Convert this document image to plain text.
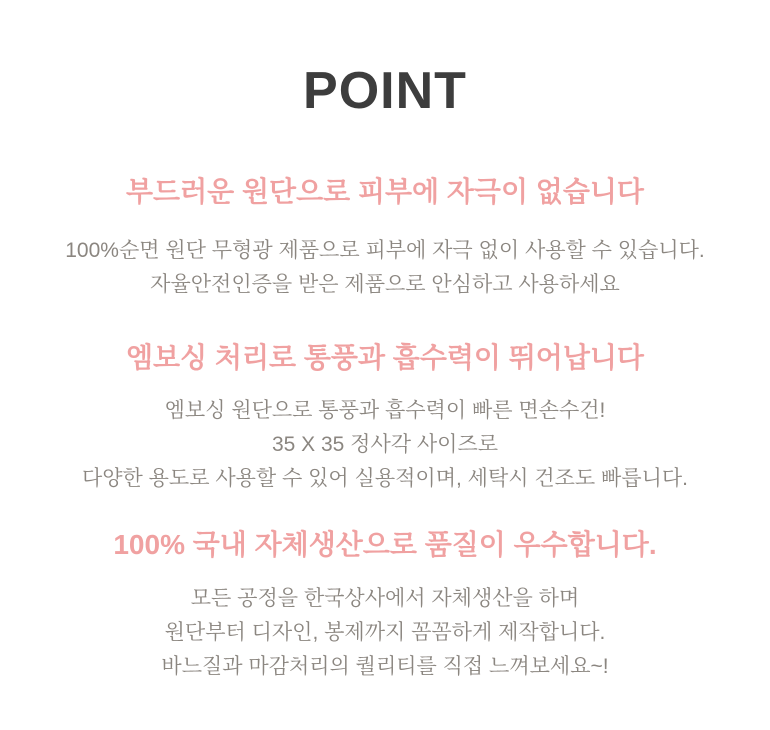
POINT
부드러운 원단으로 피부에 자극이 없습니다

100%순면 원단 무형광 제품으로 피부에 자극 없이 사용할 수 있습니다.

자율안전인증을 받은 제품으로 안심하고 사용하세요

엠보싱 처리로 통풍과 흡수력이 뛰어납니다

엠보싱 원단으로 통풍과 흡수력이 빠른 면손수건!

35 X 35 정사각 사이즈로

다양한 용도로 사용할 수 있어 실용적이며, 세탁시 건조도 빠릅니다.

100% 국내 자체생산으로 품질이 우수합니다.

모든 공정을 한국상사에서 자체생산을 하며

원단부터 디자인, 봉제까지 꼼꼼하게 제작합니다.

바느질과 마감처리의 퀄리티를 직접 느껴보세요~!
